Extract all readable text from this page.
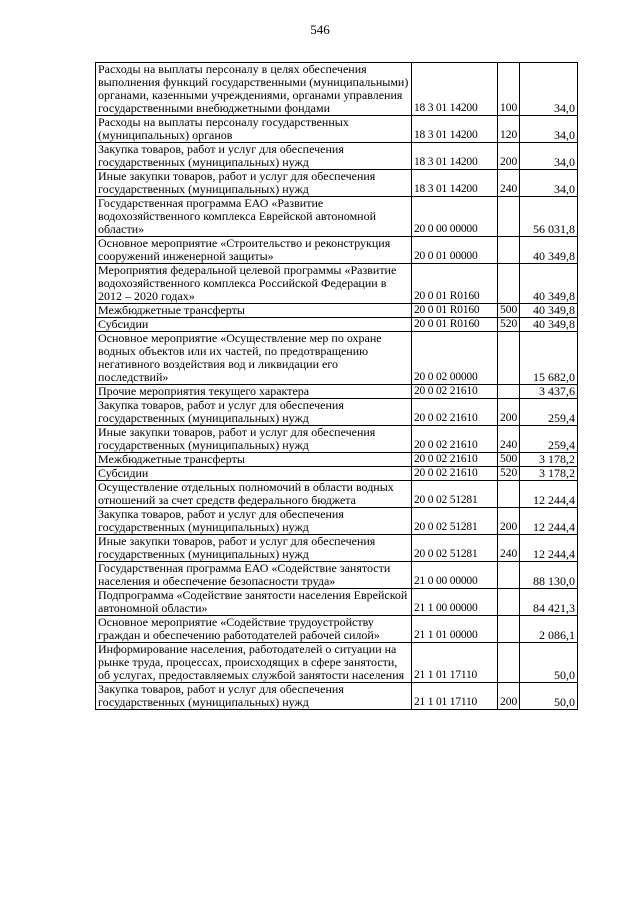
546
Расходы на выплаты персоналу в целях обеспечения выполнения функций государственными (муниципальными) органами, казенными учреждениями, органами управления государственными внебюджетными фондами	18 3 01 14200	100	34,0
Расходы на выплаты персоналу государственных (муниципальных) органов	18 3 01 14200	120	34,0
Закупка товаров, работ и услуг для обеспечения государственных (муниципальных) нужд	18 3 01 14200	200	34,0
Иные закупки товаров, работ и услуг для обеспечения государственных (муниципальных) нужд	18 3 01 14200	240	34,0
Государственная программа ЕАО «Развитие водохозяйственного комплекса Еврейской автономной области»	20 0 00 00000		56 031,8
Основное мероприятие «Строительство и реконструкция сооружений инженерной защиты»	20 0 01 00000		40 349,8
Мероприятия федеральной целевой программы «Развитие водохозяйственного комплекса Российской Федерации в 2012 – 2020 годах»	20 0 01 R0160		40 349,8
Межбюджетные трансферты	20 0 01 R0160	500	40 349,8
Субсидии	20 0 01 R0160	520	40 349,8
Основное мероприятие «Осуществление мер по охране водных объектов или их частей, по предотвращению негативного воздействия вод и ликвидации его последствий»	20 0 02 00000		15 682,0
Прочие мероприятия текущего характера	20 0 02 21610		3 437,6
Закупка товаров, работ и услуг для обеспечения государственных (муниципальных) нужд	20 0 02 21610	200	259,4
Иные закупки товаров, работ и услуг для обеспечения государственных (муниципальных) нужд	20 0 02 21610	240	259,4
Межбюджетные трансферты	20 0 02 21610	500	3 178,2
Субсидии	20 0 02 21610	520	3 178,2
Осуществление отдельных полномочий в области водных отношений за счет средств федерального бюджета	20 0 02 51281		12 244,4
Закупка товаров, работ и услуг для обеспечения государственных (муниципальных) нужд	20 0 02 51281	200	12 244,4
Иные закупки товаров, работ и услуг для обеспечения государственных (муниципальных) нужд	20 0 02 51281	240	12 244,4
Государственная программа ЕАО «Содействие занятости населения и обеспечение безопасности труда»	21 0 00 00000		88 130,0
Подпрограмма «Содействие занятости населения Еврейской автономной области»	21 1 00 00000		84 421,3
Основное мероприятие «Содействие трудоустройству граждан и обеспечению работодателей рабочей силой»	21 1 01 00000		2 086,1
Информирование населения, работодателей о ситуации на рынке труда, процессах, происходящих в сфере занятости, об услугах, предоставляемых службой занятости населения	21 1 01 17110		50,0
Закупка товаров, работ и услуг для обеспечения государственных (муниципальных) нужд	21 1 01 17110	200	50,0
